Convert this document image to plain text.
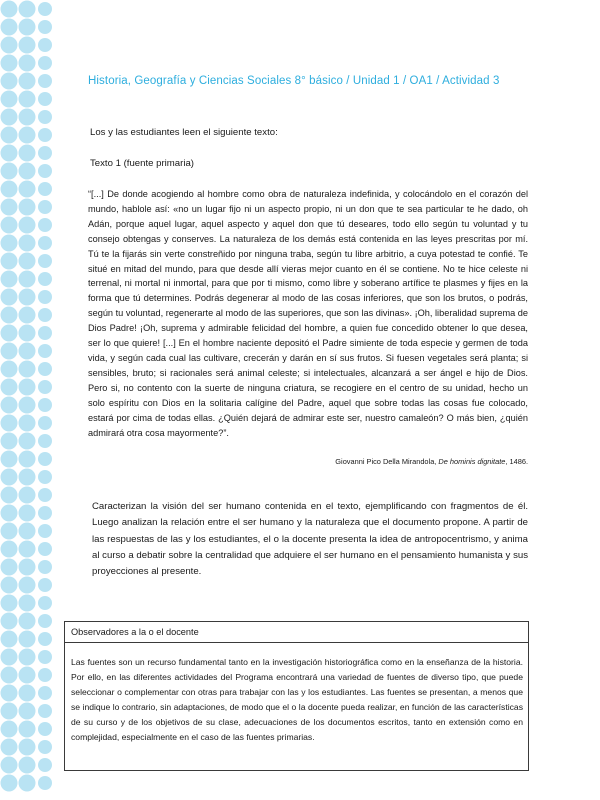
Historia, Geografía y Ciencias Sociales 8° básico / Unidad 1 / OA1 / Actividad 3
Los y las estudiantes leen el siguiente texto:
Texto 1 (fuente primaria)
“[...] De donde acogiendo al hombre como obra de naturaleza indefinida, y colocándolo en el corazón del mundo, hablole así: «no un lugar fijo ni un aspecto propio, ni un don que te sea particular te he dado, oh Adán, porque aquel lugar, aquel aspecto y aquel don que tú deseares, todo ello según tu voluntad y tu consejo obtengas y conserves. La naturaleza de los demás está contenida en las leyes prescritas por mí. Tú te la fijarás sin verte constreñido por ninguna traba, según tu libre arbitrio, a cuya potestad te confié. Te situé en mitad del mundo, para que desde allí vieras mejor cuanto en él se contiene. No te hice celeste ni terrenal, ni mortal ni inmortal, para que por ti mismo, como libre y soberano artífice te plasmes y fijes en la forma que tú determines. Podrás degenerar al modo de las cosas inferiores, que son los brutos, o podrás, según tu voluntad, regenerarte al modo de las superiores, que son las divinas». ¡Oh, liberalidad suprema de Dios Padre! ¡Oh, suprema y admirable felicidad del hombre, a quien fue concedido obtener lo que desea, ser lo que quiere! [...] En el hombre naciente depositó el Padre simiente de toda especie y germen de toda vida, y según cada cual las cultivare, crecerán y darán en sí sus frutos. Si fuesen vegetales será planta; si sensibles, bruto; si racionales será animal celeste; si intelectuales, alcanzará a ser ángel e hijo de Dios. Pero si, no contento con la suerte de ninguna criatura, se recogiere en el centro de su unidad, hecho un solo espíritu con Dios en la solitaria calígine del Padre, aquel que sobre todas las cosas fue colocado, estará por cima de todas ellas. ¿Quién dejará de admirar este ser, nuestro camaleón? O más bien, ¿quién admirará otra cosa mayormente?”.
Giovanni Pico Della Mirandola, De hominis dignitate, 1486.
Caracterizan la visión del ser humano contenida en el texto, ejemplificando con fragmentos de él. Luego analizan la relación entre el ser humano y la naturaleza que el documento propone. A partir de las respuestas de las y los estudiantes, el o la docente presenta la idea de antropocentrismo, y anima al curso a debatir sobre la centralidad que adquiere el ser humano en el pensamiento humanista y sus proyecciones al presente.
Observadores a la o el docente
Las fuentes son un recurso fundamental tanto en la investigación historiográfica como en la enseñanza de la historia. Por ello, en las diferentes actividades del Programa encontrará una variedad de fuentes de diverso tipo, que puede seleccionar o complementar con otras para trabajar con las y los estudiantes. Las fuentes se presentan, a menos que se indique lo contrario, sin adaptaciones, de modo que el o la docente pueda realizar, en función de las características de su curso y de los objetivos de su clase, adecuaciones de los documentos escritos, tanto en extensión como en complejidad, especialmente en el caso de las fuentes primarias.
